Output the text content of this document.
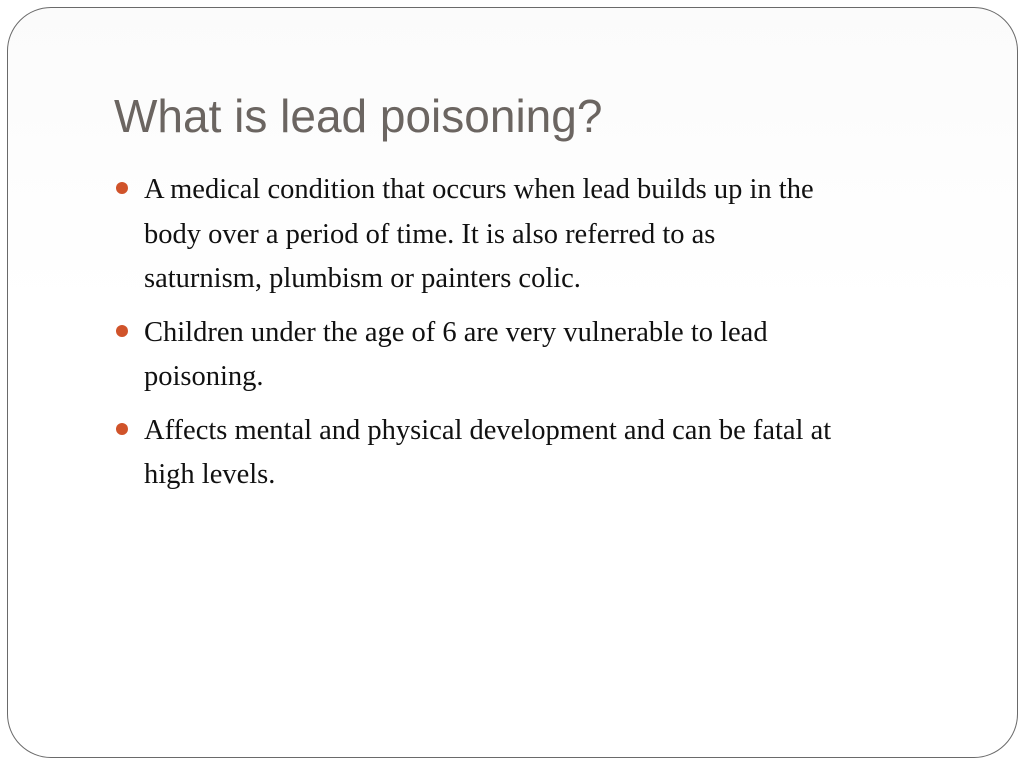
What is lead poisoning?
A medical condition that occurs when lead builds up in the
body over a period of time. It is also referred to as
saturnism, plumbism or painters colic.
Children under the age of 6 are very vulnerable to lead
poisoning.
Affects mental and physical development and can be fatal at
high levels.
